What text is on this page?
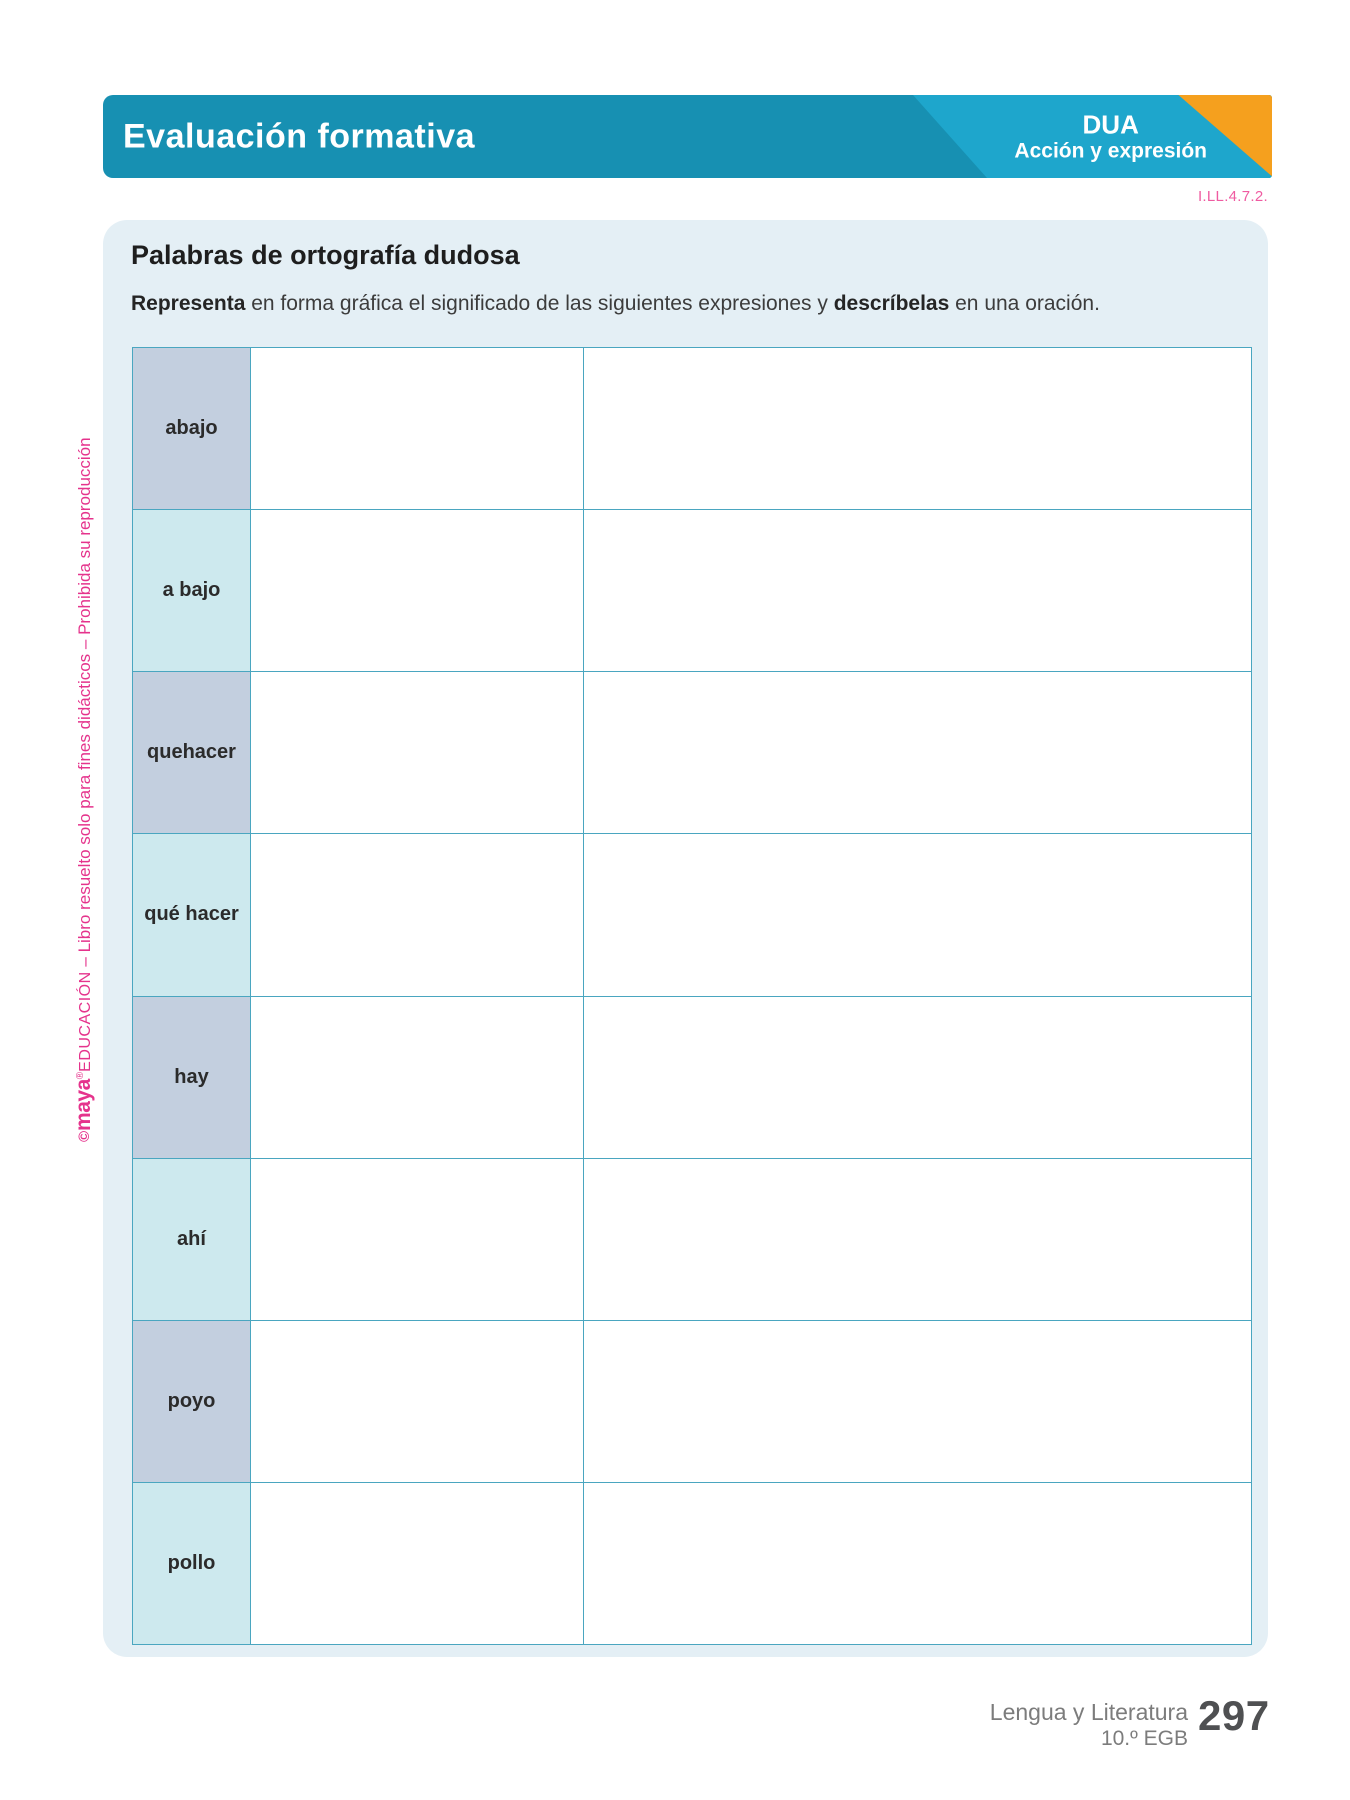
Evaluación formativa	DUA
Acción y expresión
I.LL.4.7.2.
©maya®EDUCACIÓN – Libro resuelto solo para fines didácticos – Prohibida su reproducción
Palabras de ortografía dudosa

Representa en forma gráfica el significado de las siguientes expresiones y descríbelas en una oración.

abajo
a bajo
quehacer
qué hacer
hay
ahí
poyo
pollo
Lengua y Literatura
10.º EGB 297
